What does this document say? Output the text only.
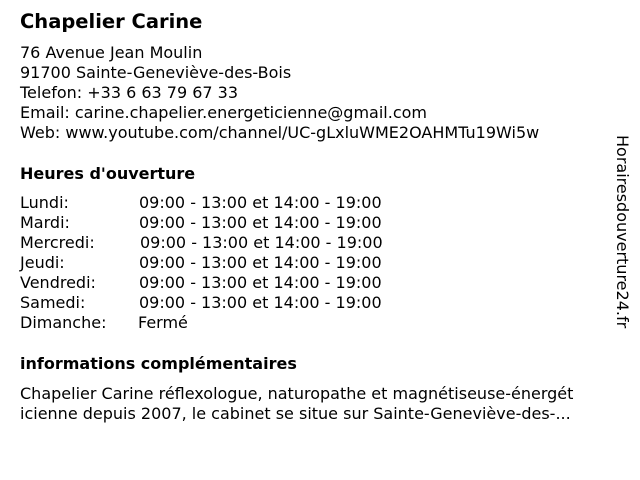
Chapelier Carine
76 Avenue Jean Moulin
91700 Sainte-Geneviève-des-Bois
Telefon: +33 6 63 79 67 33
Email: carine.chapelier.energeticienne@gmail.com
Web: www.youtube.com/channel/UC-gLxluWME2OAHMTu19Wi5w
Heures d'ouverture
Lundi:	09:00 - 13:00 et 14:00 - 19:00
Mardi:	09:00 - 13:00 et 14:00 - 19:00
Mercredi:	09:00 - 13:00 et 14:00 - 19:00
Jeudi:	09:00 - 13:00 et 14:00 - 19:00
Vendredi:	09:00 - 13:00 et 14:00 - 19:00
Samedi:	09:00 - 13:00 et 14:00 - 19:00
Dimanche: Fermé
informations complémentaires
Chapelier Carine réflexologue, naturopathe et magnétiseuse-énergét
icienne depuis 2007, le cabinet se situe sur Sainte-Geneviève-des-...
Horairesdouverture24.fr
